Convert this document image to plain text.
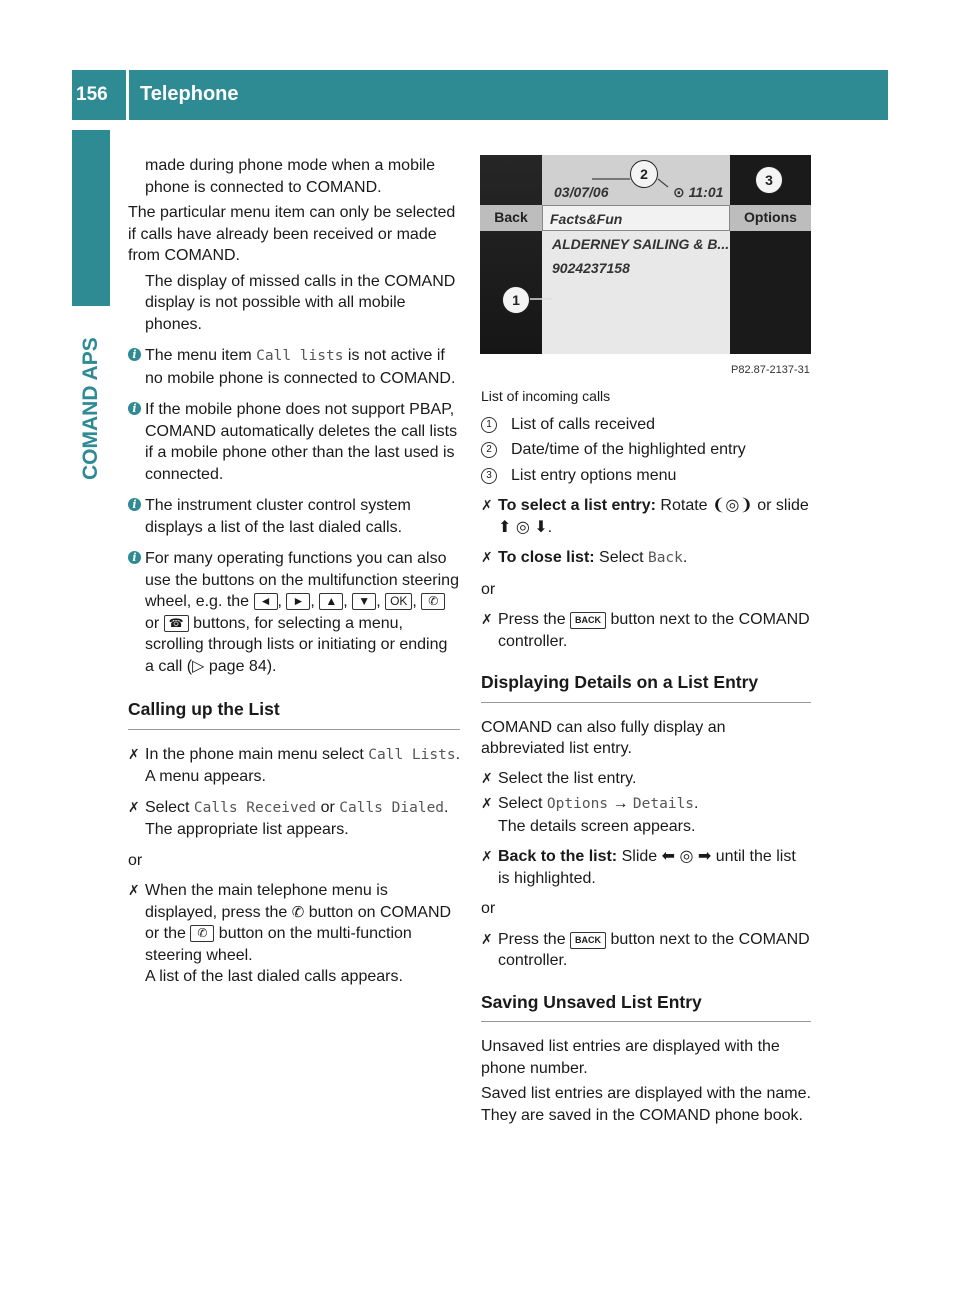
156	Telephone
COMAND APS

made during phone mode when a mobile phone is connected to COMAND.

The particular menu item can only be selected if calls have already been received or made from COMAND.

The display of missed calls in the COMAND display is not possible with all mobile phones.

i The menu item Call lists is not active if no mobile phone is connected to COMAND.
i If the mobile phone does not support PBAP, COMAND automatically deletes the call lists if a mobile phone other than the last used is connected.
i The instrument cluster control system displays a list of the last dialed calls.
i For many operating functions you can also use the buttons on the multifunction steering wheel, e.g. the ◄ , ► , ▲ , ▼ , OK , ✆ or ☎ buttons, for selecting a menu, scrolling through lists or initiating or ending a call (▷ page 84).
Calling up the List
✗ In the phone main menu select Call Lists.
A menu appears.
✗ Select Calls Received or Calls Dialed.
The appropriate list appears.

or

✗ When the main telephone menu is displayed, press the ✆ button on COMAND or the ✆ button on the multi-function steering wheel.
A list of the last dialed calls appears.
03/07/06	⊙ 11:01
Back	Options
Facts&Fun
ALDERNEY SAILING & B...
9024237158
1
2	3
P82.87-2137-31

List of incoming calls

1	List of calls received
2	Date/time of the highlighted entry
3	List entry options menu
✗ To select a list entry: Rotate ❨◎❩ or slide
⬆ ◎ ⬇.
✗ To close list: Select Back.

or

✗ Press the BACK button next to the COMAND controller.
Displaying Details on a List Entry

COMAND can also fully display an abbreviated list entry.

✗ Select the list entry.
✗ Select Options → Details.
The details screen appears.
✗ Back to the list: Slide ⬅ ◎ ➡ until the list is highlighted.

or

✗ Press the BACK button next to the COMAND controller.
Saving Unsaved List Entry

Unsaved list entries are displayed with the phone number.

Saved list entries are displayed with the name. They are saved in the COMAND phone book.
